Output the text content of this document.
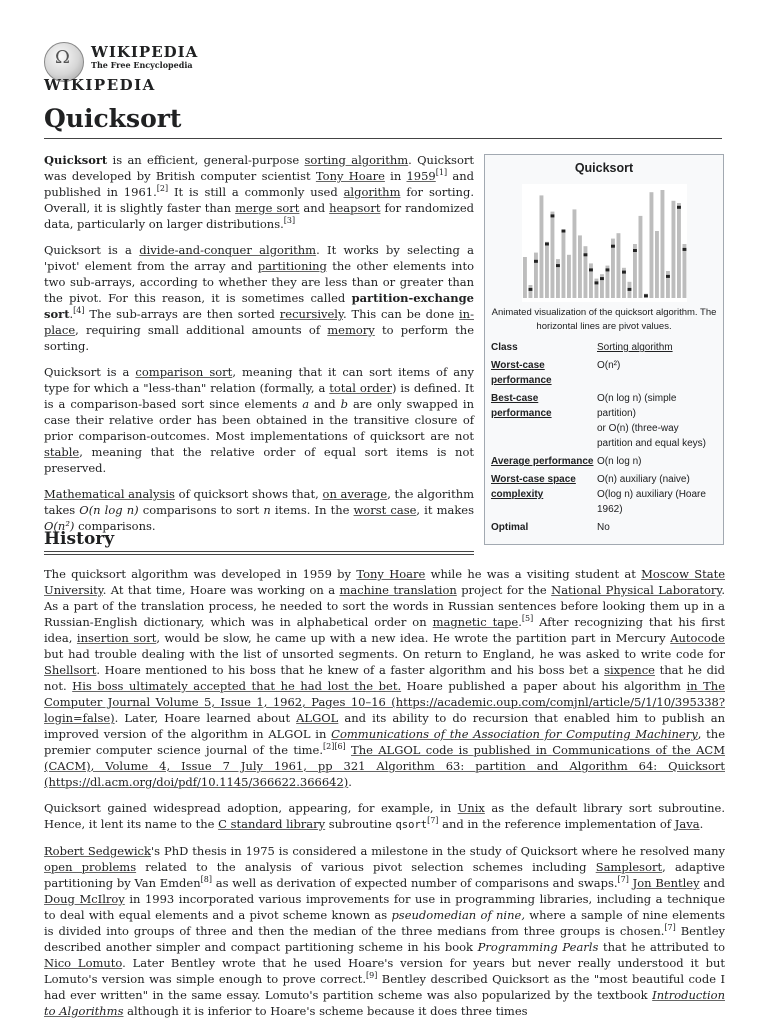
Ω
WIKIPEDIA
The Free Encyclopedia
WIKIPEDIA
Quicksort

Quicksort is an efficient, general-purpose sorting algorithm. Quicksort was developed by British computer scientist Tony Hoare in 1959[1] and published in 1961.[2] It is still a commonly used algorithm for sorting. Overall, it is slightly faster than merge sort and heapsort for randomized data, particularly on larger distributions.[3]

Quicksort is a divide-and-conquer algorithm. It works by selecting a 'pivot' element from the array and partitioning the other elements into two sub-arrays, according to whether they are less than or greater than the pivot. For this reason, it is sometimes called partition-exchange sort.[4] The sub-arrays are then sorted recursively. This can be done in-place, requiring small additional amounts of memory to perform the sorting.

Quicksort is a comparison sort, meaning that it can sort items of any type for which a "less-than" relation (formally, a total order) is defined. It is a comparison-based sort since elements a and b are only swapped in case their relative order has been obtained in the transitive closure of prior comparison-outcomes. Most implementations of quicksort are not stable, meaning that the relative order of equal sort items is not preserved.

Mathematical analysis of quicksort shows that, on average, the algorithm takes O(n log n) comparisons to sort n items. In the worst case, it makes O(n²) comparisons.

History

The quicksort algorithm was developed in 1959 by Tony Hoare while he was a visiting student at Moscow State University. At that time, Hoare was working on a machine translation project for the National Physical Laboratory. As a part of the translation process, he needed to sort the words in Russian sentences before looking them up in a Russian-English dictionary, which was in alphabetical order on magnetic tape.[5] After recognizing that his first idea, insertion sort, would be slow, he came up with a new idea. He wrote the partition part in Mercury Autocode but had trouble dealing with the list of unsorted segments. On return to England, he was asked to write code for Shellsort. Hoare mentioned to his boss that he knew of a faster algorithm and his boss bet a sixpence that he did not. His boss ultimately accepted that he had lost the bet. Hoare published a paper about his algorithm in The Computer Journal Volume 5, Issue 1, 1962, Pages 10–16 (https://academic.oup.com/comjnl/article/5/1/10/395338?login=false). Later, Hoare learned about ALGOL and its ability to do recursion that enabled him to publish an improved version of the algorithm in ALGOL in Communications of the Association for Computing Machinery, the premier computer science journal of the time.[2][6] The ALGOL code is published in Communications of the ACM (CACM), Volume 4, Issue 7 July 1961, pp 321 Algorithm 63: partition and Algorithm 64: Quicksort (https://dl.acm.org/doi/pdf/10.1145/366622.366642).

Quicksort gained widespread adoption, appearing, for example, in Unix as the default library sort subroutine. Hence, it lent its name to the C standard library subroutine qsort[7] and in the reference implementation of Java.

Robert Sedgewick's PhD thesis in 1975 is considered a milestone in the study of Quicksort where he resolved many open problems related to the analysis of various pivot selection schemes including Samplesort, adaptive partitioning by Van Emden[8] as well as derivation of expected number of comparisons and swaps.[7] Jon Bentley and Doug McIlroy in 1993 incorporated various improvements for use in programming libraries, including a technique to deal with equal elements and a pivot scheme known as pseudomedian of nine, where a sample of nine elements is divided into groups of three and then the median of the three medians from three groups is chosen.[7] Bentley described another simpler and compact partitioning scheme in his book Programming Pearls that he attributed to Nico Lomuto. Later Bentley wrote that he used Hoare's version for years but never really understood it but Lomuto's version was simple enough to prove correct.[9] Bentley described Quicksort as the "most beautiful code I had ever written" in the same essay. Lomuto's partition scheme was also popularized by the textbook Introduction to Algorithms although it is inferior to Hoare's scheme because it does three times

Quicksort
Animated visualization of the quicksort algorithm. The horizontal lines are pivot values.
Class	Sorting algorithm
Worst-case performance
O(n²)
Best-case performance
O(n log n) (simple partition)
or O(n) (three-way partition and equal keys)
Average performance O(n log n)
Worst-case space complexity
O(n) auxiliary (naive)
O(log n) auxiliary (Hoare 1962)
Optimal	No
